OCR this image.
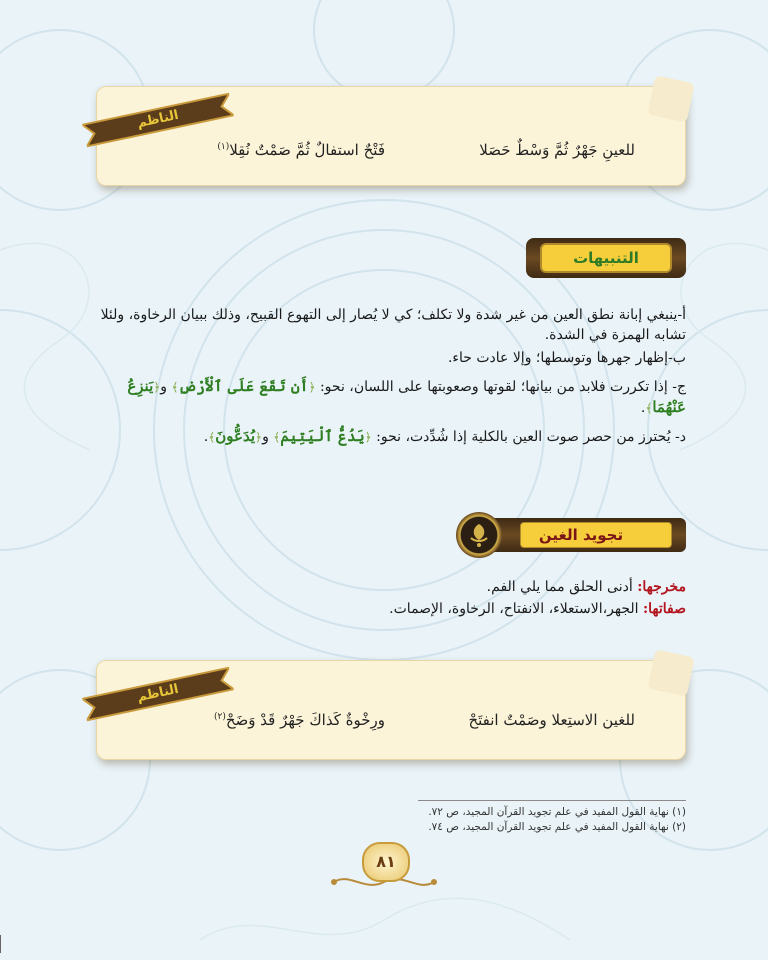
الناظم
للعينِ جَهْرٌ ثُمَّ وَسْطٌ حَصَلا
فَتْحٌ استفالٌ ثُمَّ صَمْتٌ نُقِلا$^{(١)}$
التنبيهات
أ-ينبغي إبانة نطق العين من غير شدة ولا تكلف؛ كي لا يُصار إلى التهوع القبيح، وذلك ببيان الرخاوة، ولئلا تشابه الهمزة في الشدة.
ب-إظهار جهرها وتوسطها؛ وإلا عادت حاء.
ج- إذا تكررت فلابد من بيانها؛ لقوتها وصعوبتها على اللسان، نحو: ﴿أَن تَقَعَ عَلَى ٱلْأَرْضِ﴾ و﴿يَنزِعُ عَنْهُمَا﴾.
د- يُحترز من حصر صوت العين بالكلية إذا شُدِّدت، نحو: ﴿يَدُعُّ ٱلْيَتِيمَ﴾ و﴿يُدَعُّونَ﴾.
تجويد الغين
مخرجها: أدنى الحلق مما يلي الفم.
صفاتها: الجهر،الاستعلاء، الانفتاح، الرخاوة، الإصمات.
الناظم
للغين الاستِعلا وصَمْتٌ انفتَحْ
ورِخْوةٌ كَذاكَ جَهْرٌ قَدْ وَضَحْ$^{(٢)}$
(١) نهاية القول المفيد في علم تجويد القرآن المجيد، ص ٧٢.
(٢) نهاية القول المفيد في علم تجويد القرآن المجيد، ص ٧٤.
٨١
